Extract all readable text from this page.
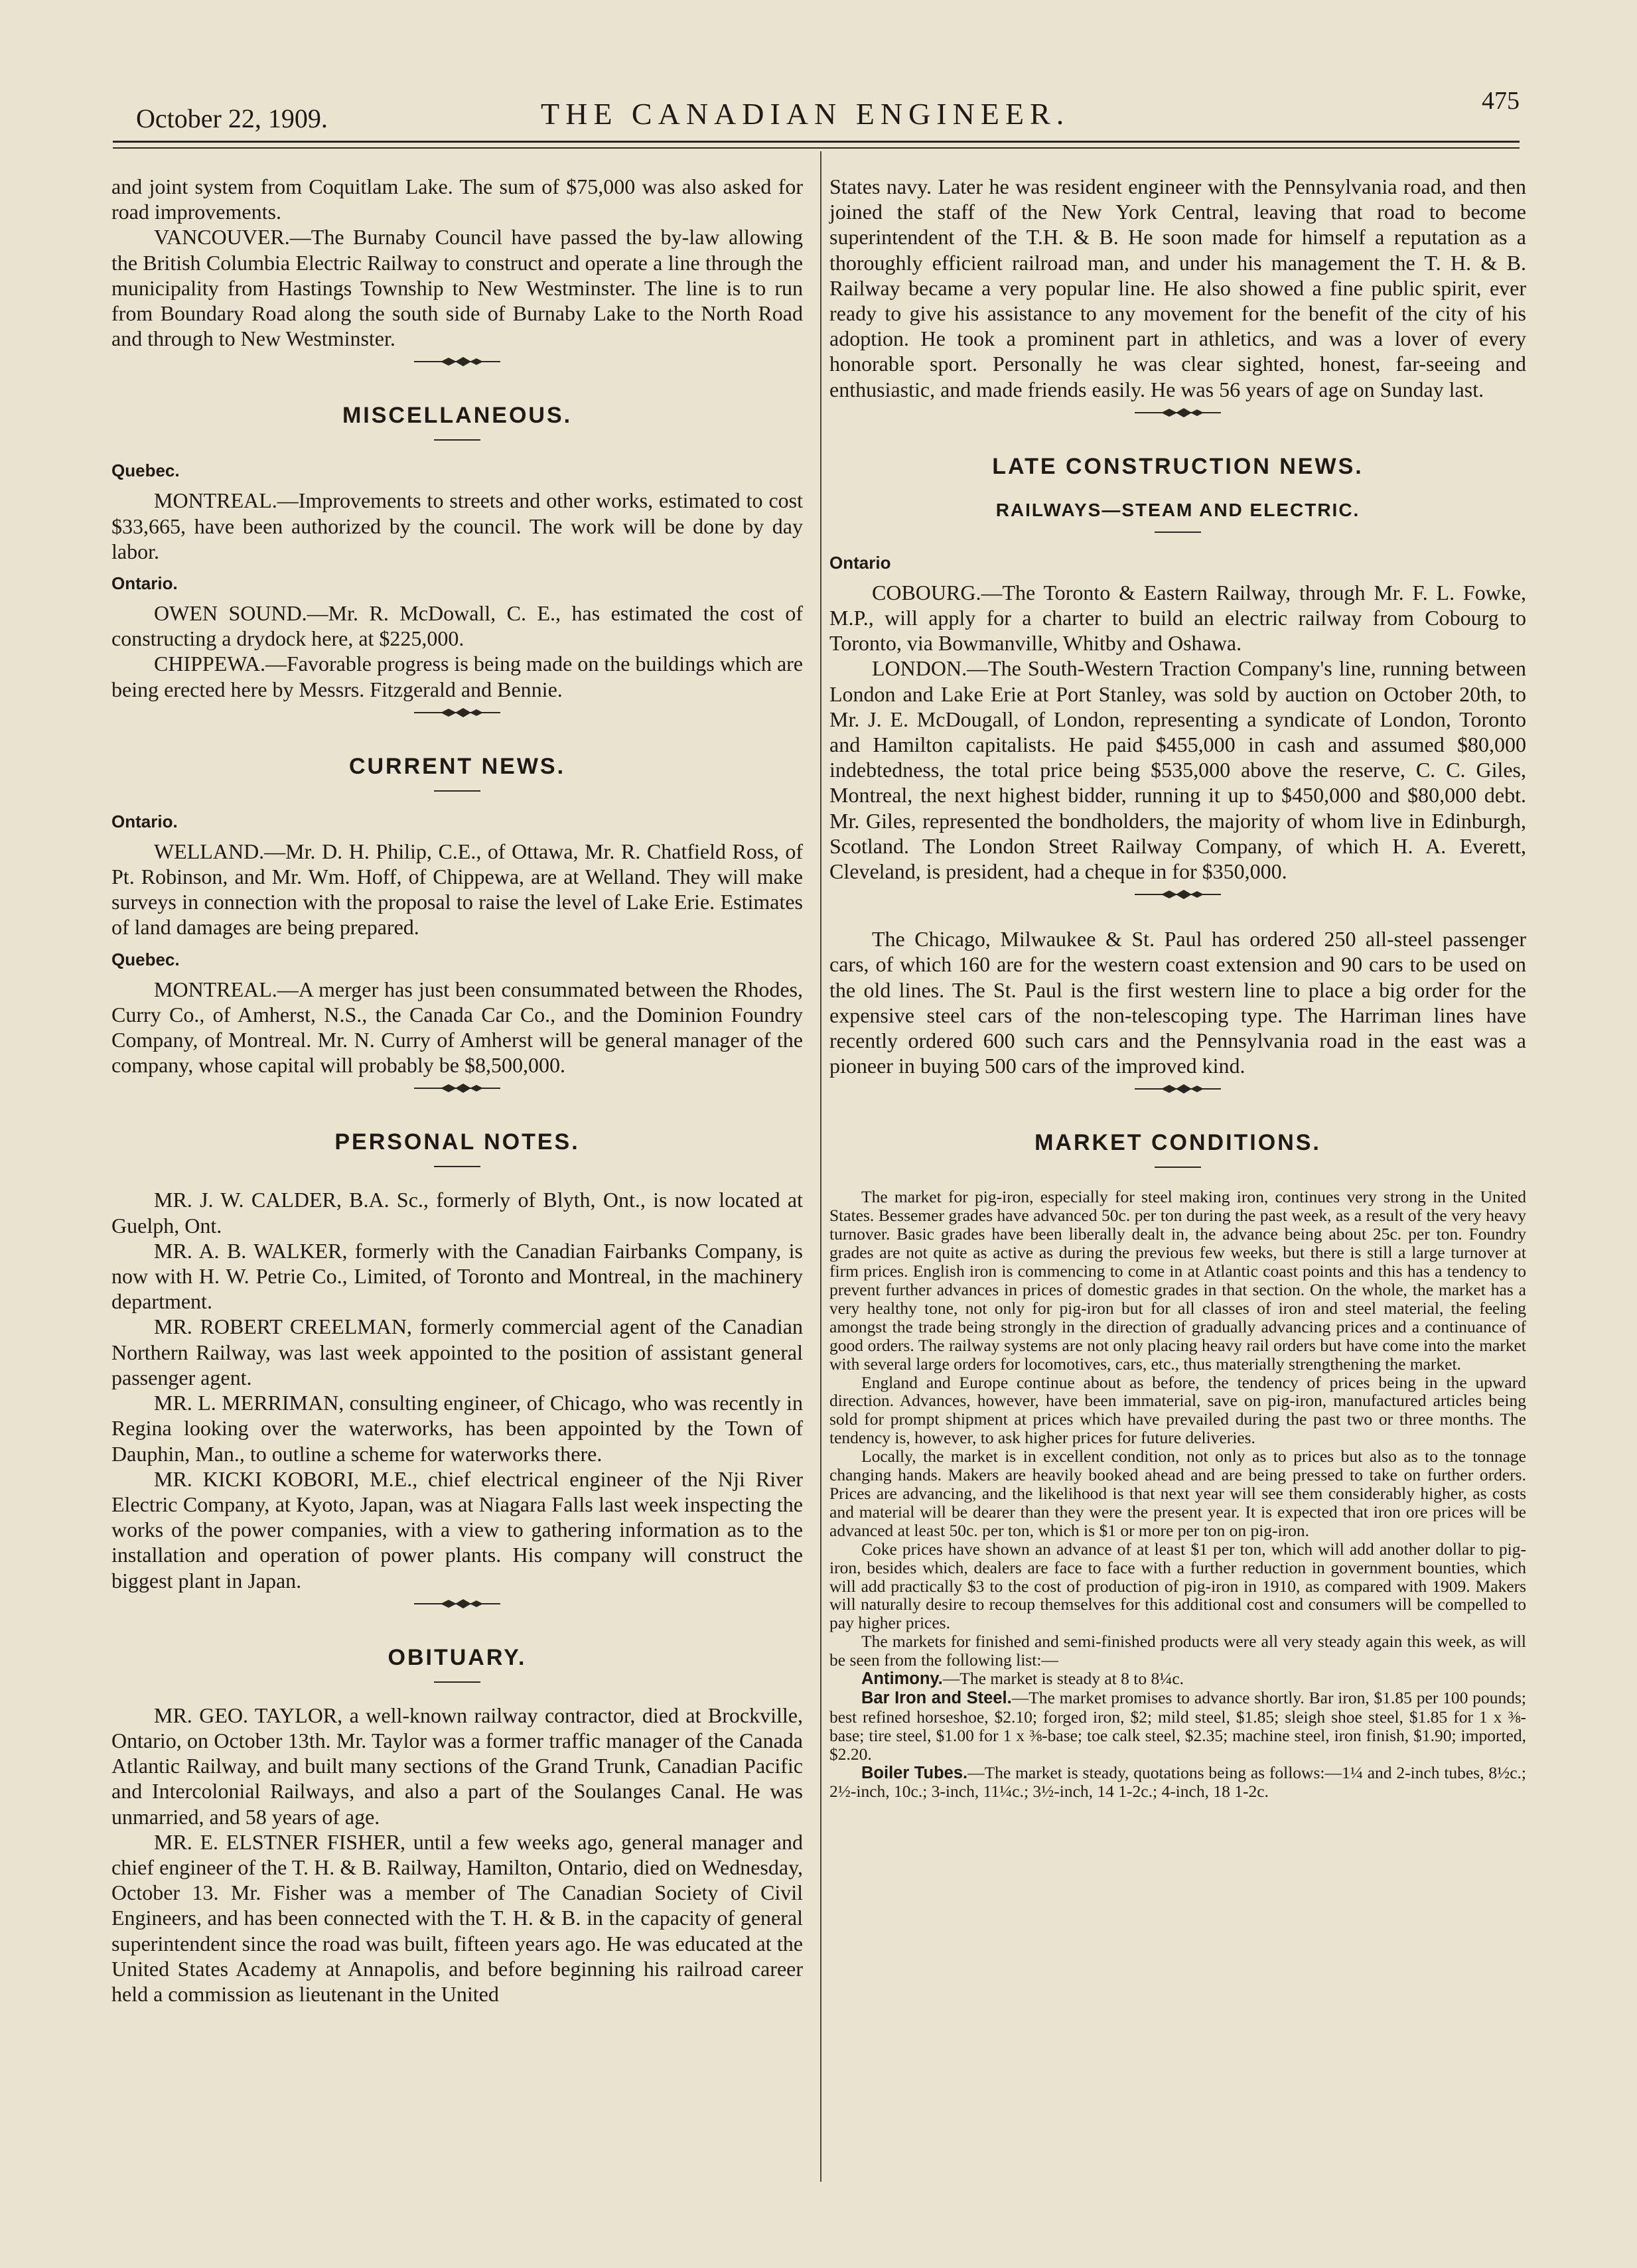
October 22, 1909.	THE CANADIAN ENGINEER.	475

and joint system from Coquitlam Lake. The sum of $75,000 was also asked for road improvements.

VANCOUVER.—The Burnaby Council have passed the by-law allowing the British Columbia Electric Railway to construct and operate a line through the municipality from Hastings Township to New Westminster. The line is to run from Boundary Road along the south side of Burnaby Lake to the North Road and through to New Westminster.

MISCELLANEOUS.
Quebec.

MONTREAL.—Improvements to streets and other works, estimated to cost $33,665, have been authorized by the council. The work will be done by day labor.

Ontario.

OWEN SOUND.—Mr. R. McDowall, C. E., has estimated the cost of constructing a drydock here, at $225,000.

CHIPPEWA.—Favorable progress is being made on the buildings which are being erected here by Messrs. Fitzgerald and Bennie.

CURRENT NEWS.
Ontario.

WELLAND.—Mr. D. H. Philip, C.E., of Ottawa, Mr. R. Chatfield Ross, of Pt. Robinson, and Mr. Wm. Hoff, of Chippewa, are at Welland. They will make surveys in connection with the proposal to raise the level of Lake Erie. Estimates of land damages are being prepared.

Quebec.

MONTREAL.—A merger has just been consummated between the Rhodes, Curry Co., of Amherst, N.S., the Canada Car Co., and the Dominion Foundry Company, of Montreal. Mr. N. Curry of Amherst will be general manager of the company, whose capital will probably be $8,500,000.

PERSONAL NOTES.

MR. J. W. CALDER, B.A. Sc., formerly of Blyth, Ont., is now located at Guelph, Ont.

MR. A. B. WALKER, formerly with the Canadian Fairbanks Company, is now with H. W. Petrie Co., Limited, of Toronto and Montreal, in the machinery department.

MR. ROBERT CREELMAN, formerly commercial agent of the Canadian Northern Railway, was last week appointed to the position of assistant general passenger agent.

MR. L. MERRIMAN, consulting engineer, of Chicago, who was recently in Regina looking over the waterworks, has been appointed by the Town of Dauphin, Man., to outline a scheme for waterworks there.

MR. KICKI KOBORI, M.E., chief electrical engineer of the Nji River Electric Company, at Kyoto, Japan, was at Niagara Falls last week inspecting the works of the power companies, with a view to gathering information as to the installation and operation of power plants. His company will construct the biggest plant in Japan.

OBITUARY.

MR. GEO. TAYLOR, a well-known railway contractor, died at Brockville, Ontario, on October 13th. Mr. Taylor was a former traffic manager of the Canada Atlantic Railway, and built many sections of the Grand Trunk, Canadian Pacific and Intercolonial Railways, and also a part of the Soulanges Canal. He was unmarried, and 58 years of age.

MR. E. ELSTNER FISHER, until a few weeks ago, general manager and chief engineer of the T. H. & B. Railway, Hamilton, Ontario, died on Wednesday, October 13. Mr. Fisher was a member of The Canadian Society of Civil Engineers, and has been connected with the T. H. & B. in the capacity of general superintendent since the road was built, fifteen years ago. He was educated at the United States Academy at Annapolis, and before beginning his railroad career held a commission as lieutenant in the United

States navy. Later he was resident engineer with the Pennsylvania road, and then joined the staff of the New York Central, leaving that road to become superintendent of the T.H. & B. He soon made for himself a reputation as a thoroughly efficient railroad man, and under his management the T. H. & B. Railway became a very popular line. He also showed a fine public spirit, ever ready to give his assistance to any movement for the benefit of the city of his adoption. He took a prominent part in athletics, and was a lover of every honorable sport. Personally he was clear sighted, honest, far-seeing and enthusiastic, and made friends easily. He was 56 years of age on Sunday last.

LATE CONSTRUCTION NEWS.
RAILWAYS—STEAM AND ELECTRIC.
Ontario

COBOURG.—The Toronto & Eastern Railway, through Mr. F. L. Fowke, M.P., will apply for a charter to build an electric railway from Cobourg to Toronto, via Bowmanville, Whitby and Oshawa.

LONDON.—The South-Western Traction Company's line, running between London and Lake Erie at Port Stanley, was sold by auction on October 20th, to Mr. J. E. McDougall, of London, representing a syndicate of London, Toronto and Hamilton capitalists. He paid $455,000 in cash and assumed $80,000 indebtedness, the total price being $535,000 above the reserve, C. C. Giles, Montreal, the next highest bidder, running it up to $450,000 and $80,000 debt. Mr. Giles, represented the bondholders, the majority of whom live in Edinburgh, Scotland. The London Street Railway Company, of which H. A. Everett, Cleveland, is president, had a cheque in for $350,000.

The Chicago, Milwaukee & St. Paul has ordered 250 all-steel passenger cars, of which 160 are for the western coast extension and 90 cars to be used on the old lines. The St. Paul is the first western line to place a big order for the expensive steel cars of the non-telescoping type. The Harriman lines have recently ordered 600 such cars and the Pennsylvania road in the east was a pioneer in buying 500 cars of the improved kind.

MARKET CONDITIONS.

The market for pig-iron, especially for steel making iron, continues very strong in the United States. Bessemer grades have advanced 50c. per ton during the past week, as a result of the very heavy turnover. Basic grades have been liberally dealt in, the advance being about 25c. per ton. Foundry grades are not quite as active as during the previous few weeks, but there is still a large turnover at firm prices. English iron is commencing to come in at Atlantic coast points and this has a tendency to prevent further advances in prices of domestic grades in that section. On the whole, the market has a very healthy tone, not only for pig-iron but for all classes of iron and steel material, the feeling amongst the trade being strongly in the direction of gradually advancing prices and a continuance of good orders. The railway systems are not only placing heavy rail orders but have come into the market with several large orders for locomotives, cars, etc., thus materially strengthening the market.

England and Europe continue about as before, the tendency of prices being in the upward direction. Advances, however, have been immaterial, save on pig-iron, manufactured articles being sold for prompt shipment at prices which have prevailed during the past two or three months. The tendency is, however, to ask higher prices for future deliveries.

Locally, the market is in excellent condition, not only as to prices but also as to the tonnage changing hands. Makers are heavily booked ahead and are being pressed to take on further orders. Prices are advancing, and the likelihood is that next year will see them considerably higher, as costs and material will be dearer than they were the present year. It is expected that iron ore prices will be advanced at least 50c. per ton, which is $1 or more per ton on pig-iron.

Coke prices have shown an advance of at least $1 per ton, which will add another dollar to pig-iron, besides which, dealers are face to face with a further reduction in government bounties, which will add practically $3 to the cost of production of pig-iron in 1910, as compared with 1909. Makers will naturally desire to recoup themselves for this additional cost and consumers will be compelled to pay higher prices.

The markets for finished and semi-finished products were all very steady again this week, as will be seen from the following list:—

Antimony.—The market is steady at 8 to 8¼c.

Bar Iron and Steel.—The market promises to advance shortly. Bar iron, $1.85 per 100 pounds; best refined horseshoe, $2.10; forged iron, $2; mild steel, $1.85; sleigh shoe steel, $1.85 for 1 x ⅜-base; tire steel, $1.00 for 1 x ⅜-base; toe calk steel, $2.35; machine steel, iron finish, $1.90; imported, $2.20.

Boiler Tubes.—The market is steady, quotations being as follows:—1¼ and 2-inch tubes, 8½c.; 2½-inch, 10c.; 3-inch, 11¼c.; 3½-inch, 14 1-2c.; 4-inch, 18 1-2c.
